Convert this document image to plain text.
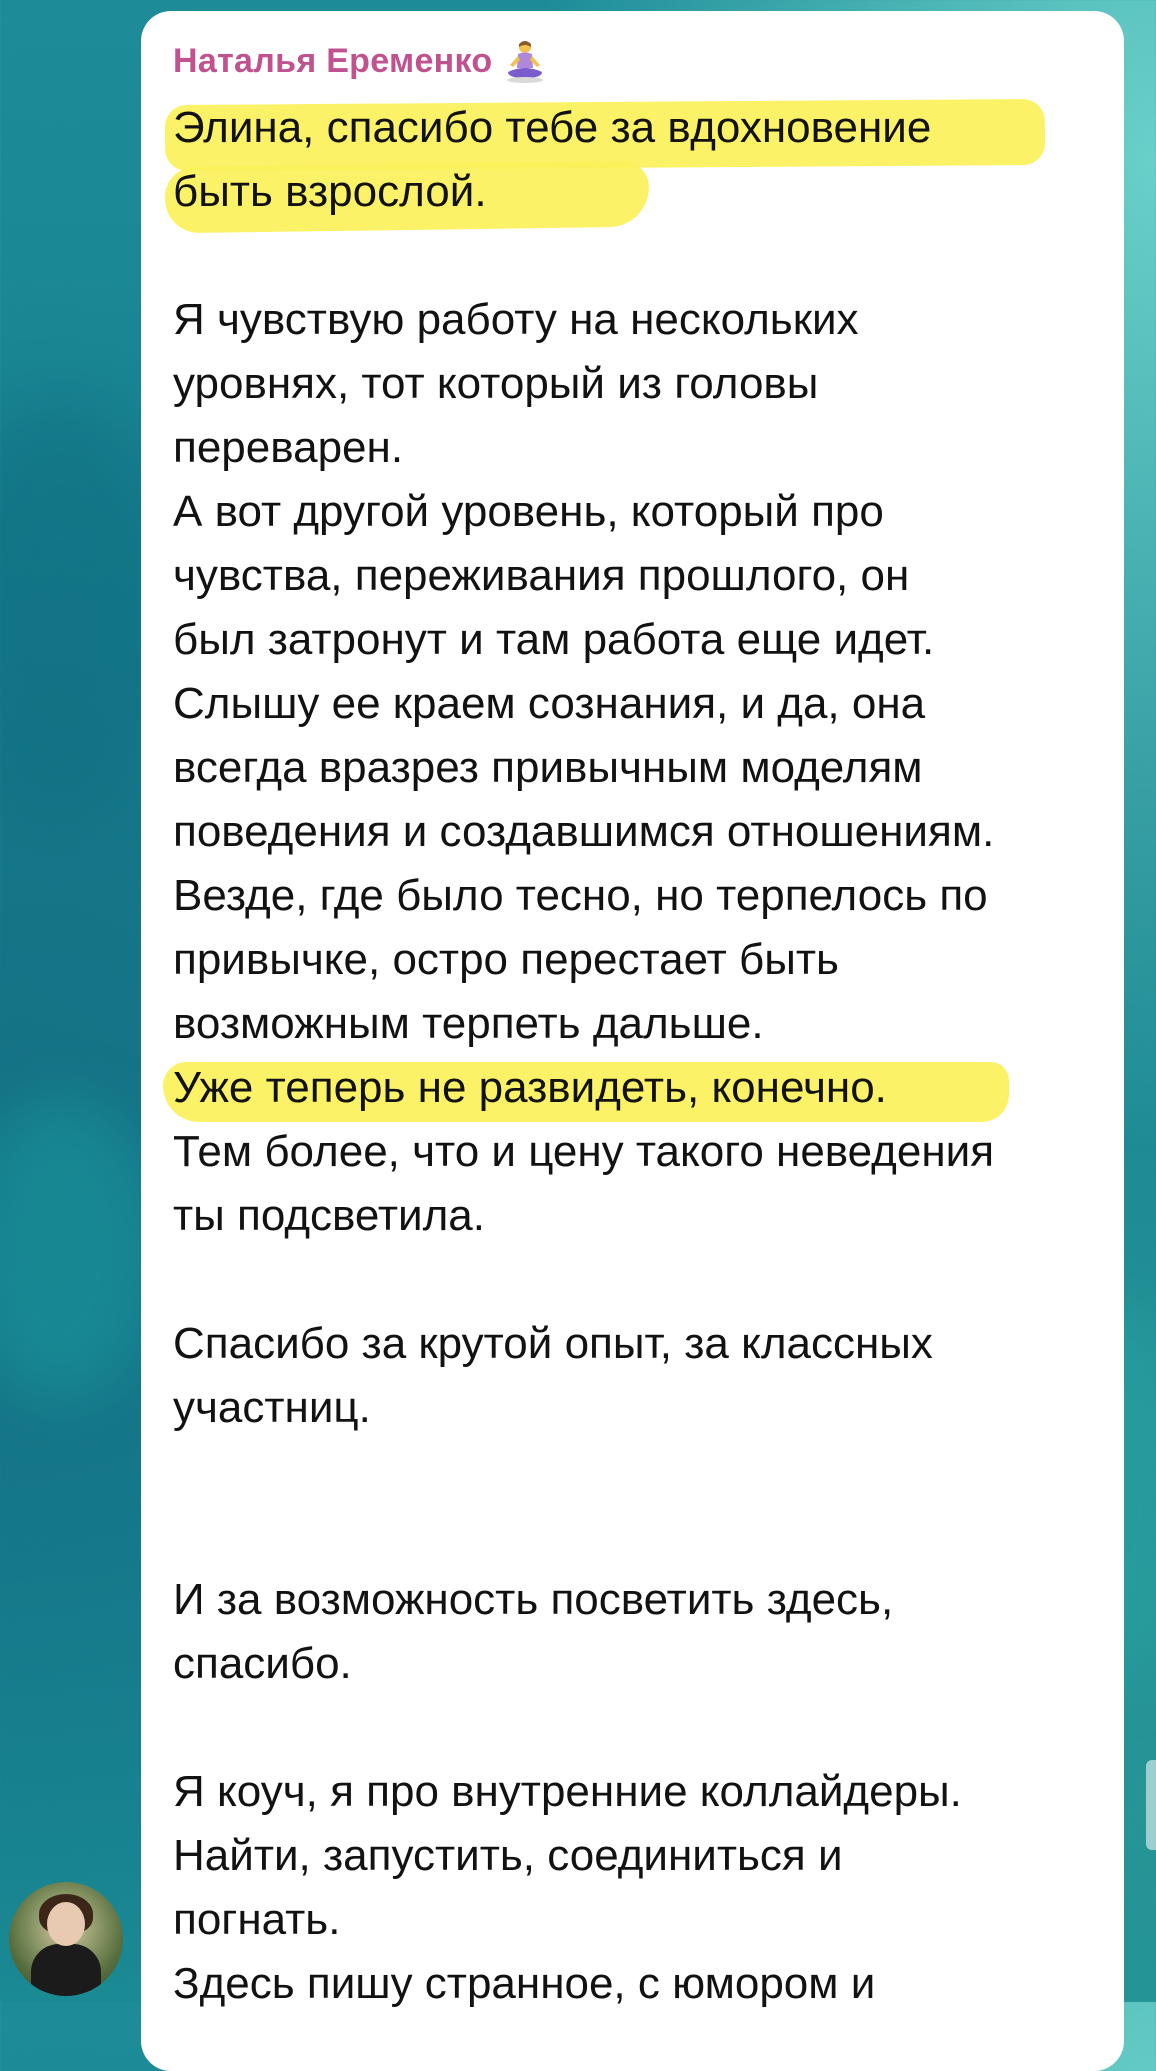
Наталья Еременко
Элина, спасибо тебе за вдохновение
быть взрослой.
Я чувствую работу на нескольких
уровнях, тот который из головы
переварен.
А вот другой уровень, который про
чувства, переживания прошлого, он
был затронут и там работа еще идет.
Слышу ее краем сознания, и да, она
всегда вразрез привычным моделям
поведения и создавшимся отношениям.
Везде, где было тесно, но терпелось по
привычке, остро перестает быть
возможным терпеть дальше.
Уже теперь не развидеть, конечно.
Тем более, что и цену такого неведения
ты подсветила.
Спасибо за крутой опыт, за классных
участниц.
И за возможность посветить здесь,
спасибо.
Я коуч, я про внутренние коллайдеры.
Найти, запустить, соединиться и
погнать.
Здесь пишу странное, с юмором и
